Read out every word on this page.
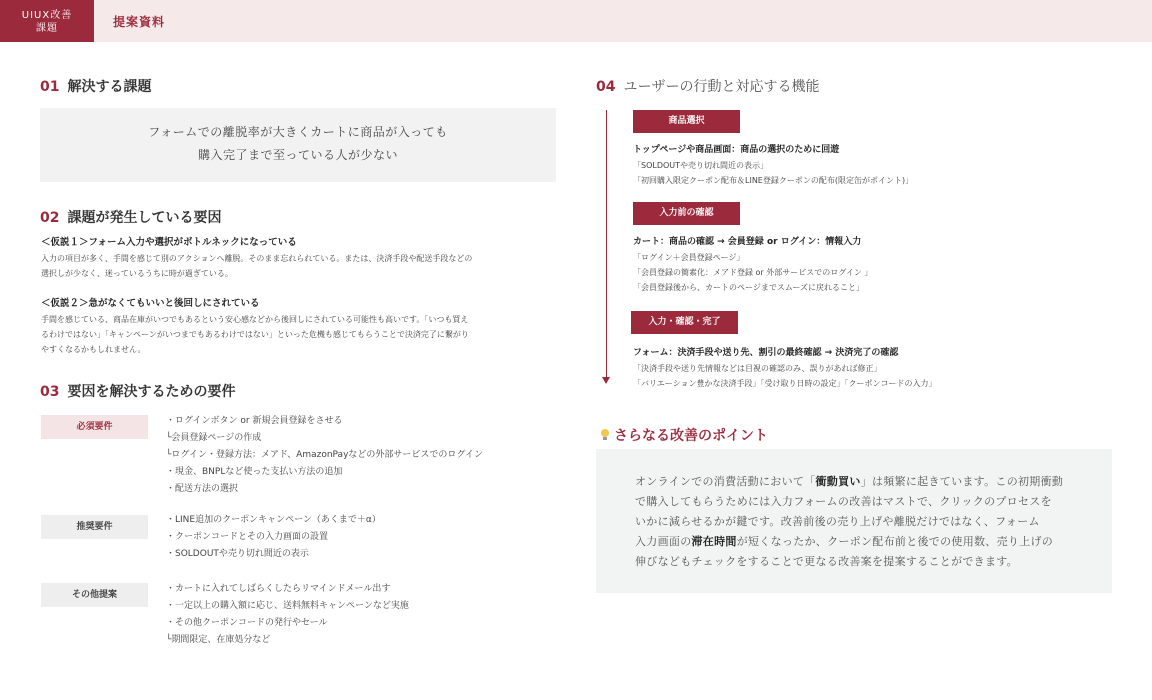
UIUX改善
課題	提案資料
01 解決する課題
フォームでの離脱率が大きくカートに商品が入っても
購入完了まで至っている人が少ない
02 課題が発生している要因
＜仮説１＞フォーム入力や選択がボトルネックになっている
入力の項目が多く、手間を感じて別のアクションへ離脱。そのまま忘れられている。または、決済手段や配送手段などの
選択しが少なく、迷っているうちに時が過ぎている。
＜仮説２＞急がなくてもいいと後回しにされている
手間を感じている、商品在庫がいつでもあるという安心感などから後回しにされている可能性も高いです。「いつも買え
るわけではない」「キャンペーンがいつまでもあるわけではない」といった危機も感じてもらうことで決済完了に繋がり
やすくなるかもしれません。
03 要因を解決するための要件
必須要件
・ログインボタン or 新規会員登録をさせる
└会員登録ページの作成
└ログイン・登録方法：メアド、AmazonPayなどの外部サービスでのログイン
・現金、BNPLなど使った支払い方法の追加
・配送方法の選択
推奨要件
・LINE追加のクーポンキャンペーン（あくまで＋α）
・クーポンコードとその入力画面の設置
・SOLDOUTや売り切れ間近の表示
その他提案
・カートに入れてしばらくしたらリマインドメール出す
・一定以上の購入額に応じ、送料無料キャンペーンなど実施
・その他クーポンコードの発行やセール
└期間限定、在庫処分など
04 ユーザーの行動と対応する機能
商品選択
トップページや商品画面：商品の選択のために回遊
「SOLDOUTや売り切れ間近の表示」
「初回購入限定クーポン配布＆LINE登録クーポンの配布(限定缶がポイント)」
入力前の確認
カート：商品の確認 → 会員登録 or ログイン：情報入力
「ログイン＋会員登録ページ」
「会員登録の簡素化：メアド登録 or 外部サービスでのログイン 」
「会員登録後から、カートのページまでスムーズに戻れること」
入力・確認・完了
フォーム：決済手段や送り先、割引の最終確認 → 決済完了の確認
「決済手段や送り先情報などは目視の確認のみ、誤りがあれば修正」
「バリエーション豊かな決済手段」「受け取り日時の設定」「クーポンコードの入力」
さらなる改善のポイント
オンラインでの消費活動において「衝動買い」は頻繁に起きています。この初期衝動
で購入してもらうためには入力フォームの改善はマストで、クリックのプロセスを
いかに減らせるかが鍵です。改善前後の売り上げや離脱だけではなく、フォーム
入力画面の滞在時間が短くなったか、クーポン配布前と後での使用数、売り上げの
伸びなどもチェックをすることで更なる改善案を提案することができます。
